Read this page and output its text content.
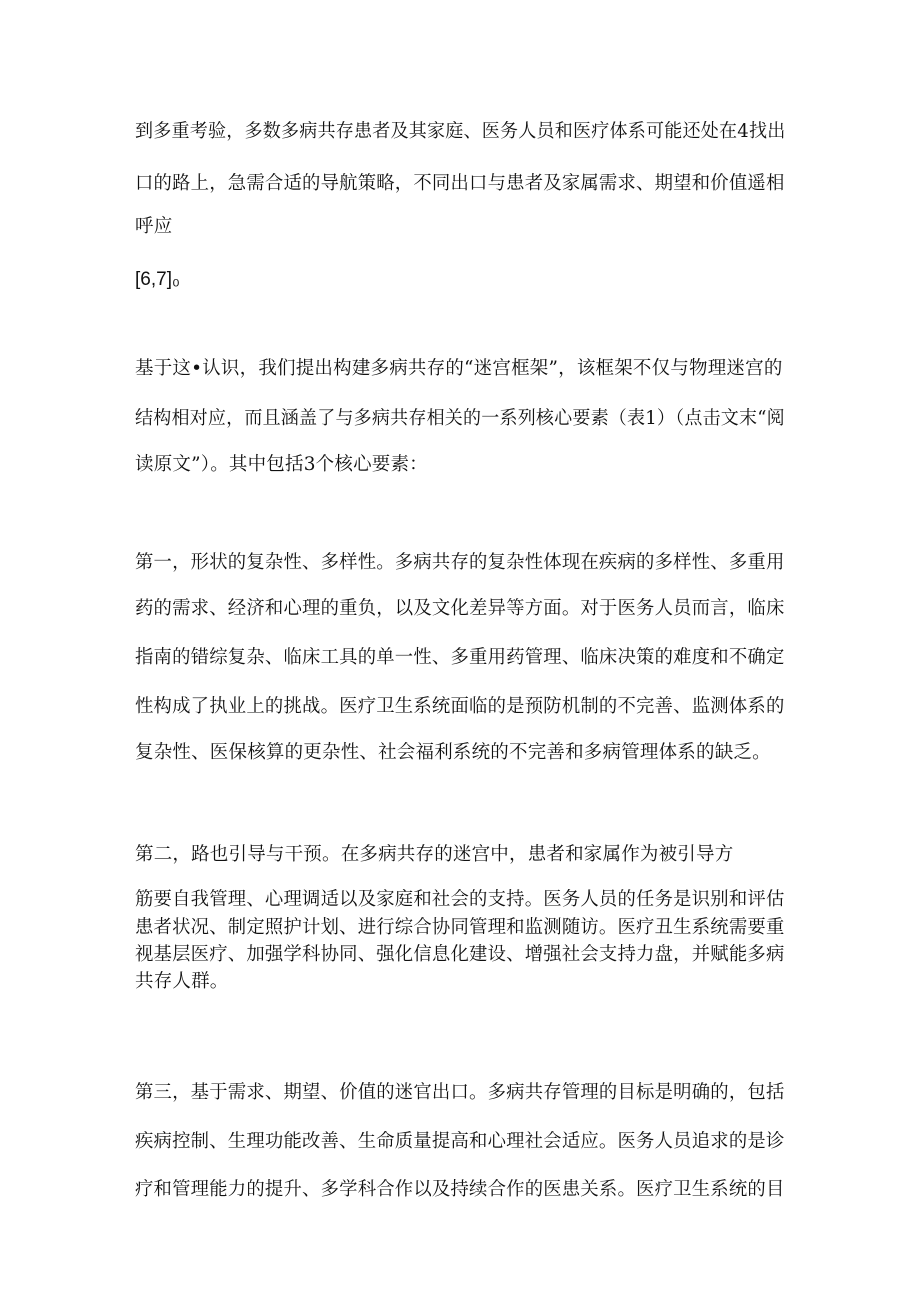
到多重考验，多数多病共存患者及其家庭、医务人员和医疗体系可能还处在4找出
口的路上，急需合适的导航策略，不同出口与患者及家属需求、期望和价值遥相
呼应
[6,7]₀
基于这•认识，我们提出构建多病共存的“迷宫框架”，该框架不仅与物理迷宫的
结构相对应，而且涵盖了与多病共存相关的一系列核心要素（表1）（点击文末“阅
读原文”）。其中包括3个核心要素：
第一，形状的复杂性、多样性。多病共存的复杂性体现在疾病的多样性、多重用
药的需求、经济和心理的重负，以及文化差异等方面。对于医务人员而言，临床
指南的错综复杂、临床工具的单一性、多重用药管理、临床决策的难度和不确定
性构成了执业上的挑战。医疗卫生系统面临的是预防机制的不完善、监测体系的
复杂性、医保核算的更杂性、社会福利系统的不完善和多病管理体系的缺乏。
第二，路也引导与干预。在多病共存的迷宫中，患者和家属作为被引导方
筋要自我管理、心理调适以及家庭和社会的支持。医务人员的任务是识别和评估
患者状况、制定照护计划、进行综合协同管理和监测随访。医疗丑生系统需要重
视基层医疗、加强学科协同、强化信息化建设、增强社会支持力盘，并赋能多病
共存人群。
第三，基于需求、期望、价值的迷官出口。多病共存管理的目标是明确的，包括
疾病控制、生理功能改善、生命质量提高和心理社会适应。医务人员追求的是诊
疗和管理能力的提升、多学科合作以及持续合作的医患关系。医疗卫生系统的目
